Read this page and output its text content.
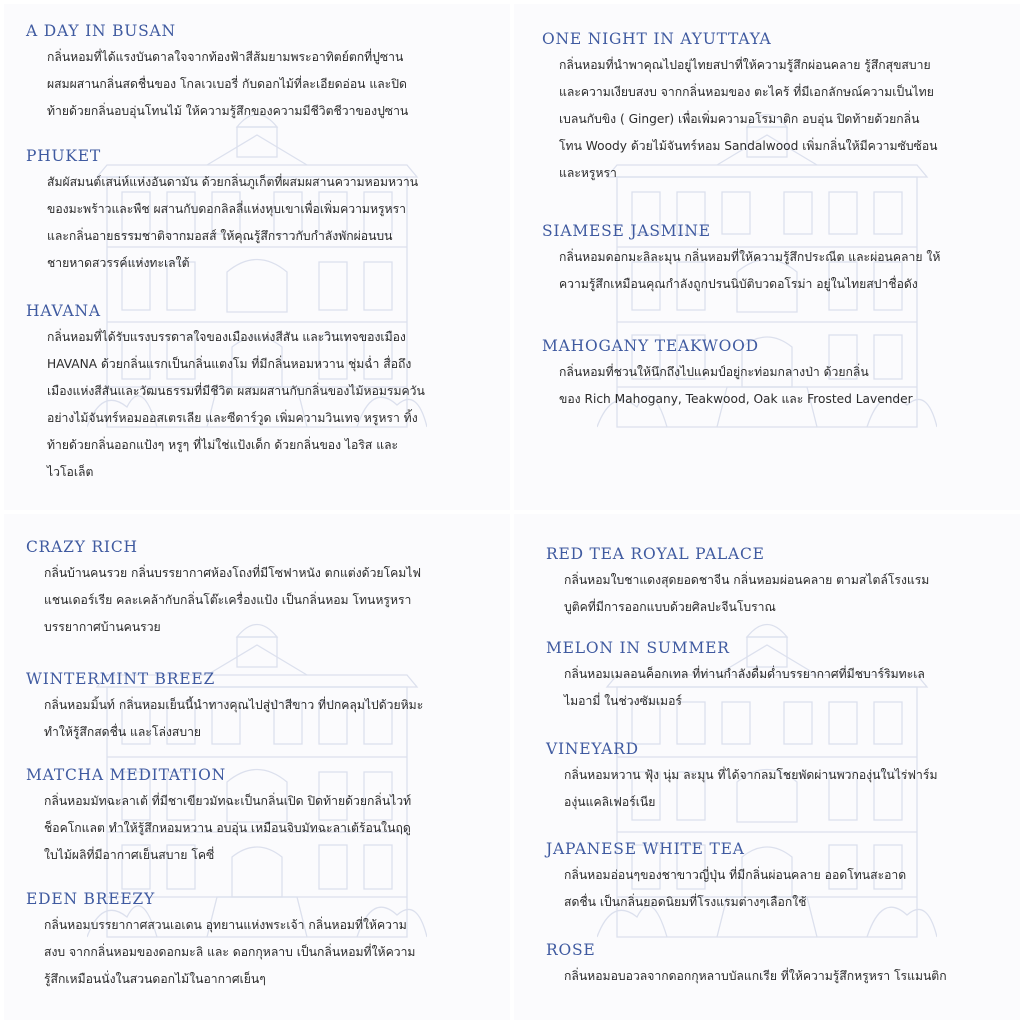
A DAY IN BUSAN
กลิ่นหอมที่ได้แรงบันดาลใจจากท้องฟ้าสีส้มยามพระอาทิตย์ตกที่ปูซาน
ผสมผสานกลิ่นสดชื่นของ โกลเวเบอรี่ กับดอกไม้ที่ละเอียดอ่อน และปิด
ท้ายด้วยกลิ่นอบอุ่นโทนไม้ ให้ความรู้สึกของความมีชีวิตชีวาของปูซาน
PHUKET
สัมผัสมนต์เสน่ห์แห่งอันดามัน ด้วยกลิ่นภูเก็ตที่ผสมผสานความหอมหวาน
ของมะพร้าวและพืช ผสานกับดอกลิลลี่แห่งหุบเขาเพื่อเพิ่มความหรูหรา
และกลิ่นอายธรรมชาติจากมอสส์ ให้คุณรู้สึกราวกับกำลังพักผ่อนบน
ชายหาดสวรรค์แห่งทะเลใต้
HAVANA
กลิ่นหอมที่ได้รับแรงบรรดาลใจของเมืองแห่งสีสัน และวินเทจของเมือง
HAVANA ด้วยกลิ่นแรกเป็นกลิ่นแตงโม ที่มีกลิ่นหอมหวาน ชุ่มฉ่ำ สื่อถึง
เมืองแห่งสีสันและวัฒนธรรมที่มีชีวิต ผสมผสานกับกลิ่นของไม้หอมรมควัน
อย่างไม้จันทร์หอมออสเตรเลีย และซีดาร์วูด เพิ่มความวินเทจ หรูหรา ทิ้ง
ท้ายด้วยกลิ่นออกแป้งๆ หรูๆ ที่ไม่ใช่แป้งเด็ก ด้วยกลิ่นของ ไอริส และ
ไวโอเล็ต
ONE NIGHT IN AYUTTAYA
กลิ่นหอมที่นำพาคุณไปอยู่ไทยสปาที่ให้ความรู้สึกผ่อนคลาย รู้สึกสุขสบาย
และความเงียบสงบ จากกลิ่นหอมของ ตะไคร้ ที่มีเอกลักษณ์ความเป็นไทย
เบลนกับขิง ( Ginger) เพื่อเพิ่มความอโรมาติก อบอุ่น ปิดท้ายด้วยกลิ่น
โทน Woody ด้วยไม้จันทร์หอม Sandalwood เพิ่มกลิ่นให้มีความซับซ้อน
และหรูหรา
SIAMESE JASMINE
กลิ่นหอมดอกมะลิละมุน กลิ่นหอมที่ให้ความรู้สึกประณีต และผ่อนคลาย ให้
ความรู้สึกเหมือนคุณกำลังถูกปรนนิบัติบวดอโรม่า อยู่ในไทยสปาชื่อดัง
MAHOGANY TEAKWOOD
กลิ่นหอมที่ชวนให้นึกถึงไปแคมป์อยู่กะท่อมกลางป่า ด้วยกลิ่น
ของ Rich Mahogany, Teakwood, Oak และ Frosted Lavender
CRAZY RICH
กลิ่นบ้านคนรวย กลิ่นบรรยากาศห้องโถงที่มีโซฟาหนัง ตกแต่งด้วยโคมไฟ
แชนเดอร์เรีย คละเคล้ากับกลิ่นโต๊ะเครื่องแป้ง เป็นกลิ่นหอม โทนหรูหรา
บรรยากาศบ้านคนรวย
WINTERMINT BREEZ
กลิ่นหอมมิ้นท์ กลิ่นหอมเย็นนี้นำทางคุณไปสู่ป่าสีขาว ที่ปกคลุมไปด้วยหิมะ
ทำให้รู้สึกสดชื่น และโล่งสบาย
MATCHA MEDITATION
กลิ่นหอมมัทฉะลาเต้ ที่มีชาเขียวมัทฉะเป็นกลิ่นเปิด ปิดท้ายด้วยกลิ่นไวท์
ช็อคโกแลต ทำให้รู้สึกหอมหวาน อบอุ่น เหมือนจิบมัทฉะลาเต้ร้อนในฤดู
ใบไม้ผลิที่มีอากาศเย็นสบาย โคซี่
EDEN BREEZY
กลิ่นหอมบรรยากาศสวนเอเดน อุทยานแห่งพระเจ้า กลิ่นหอมที่ให้ความ
สงบ จากกลิ่นหอมของดอกมะลิ และ ดอกกุหลาบ เป็นกลิ่นหอมที่ให้ความ
รู้สึกเหมือนนั่งในสวนดอกไม้ในอากาศเย็นๆ
RED TEA ROYAL PALACE
กลิ่นหอมใบชาแดงสุดยอดชาจีน กลิ่นหอมผ่อนคลาย ตามสไตล์โรงแรม
บูติคที่มีการออกแบบด้วยศิลปะจีนโบราณ
MELON IN SUMMER
กลิ่นหอมเมลอนค็อกเทล ที่ท่านกำลังดื่มด่ำบรรยากาศที่มีชบาร์ริมทะเล
ไมอามี่ ในช่วงซัมเมอร์
VINEYARD
กลิ่นหอมหวาน ฟุ้ง นุ่ม ละมุน ที่ได้จากลมโชยพัดผ่านพวกองุ่นในไร่ฟาร์ม
องุ่นแคลิเฟอร์เนีย
JAPANESE WHITE TEA
กลิ่นหอมอ่อนๆของชาขาวญี่ปุ่น ที่มีกลิ่นผ่อนคลาย ออดโทนสะอาด
สดชื่น เป็นกลิ่นยอดนิยมที่โรงแรมต่างๆเลือกใช้
ROSE
กลิ่นหอมอบอวลจากดอกกุหลาบบัลแกเรีย ที่ให้ความรู้สึกหรูหรา โรแมนติก
